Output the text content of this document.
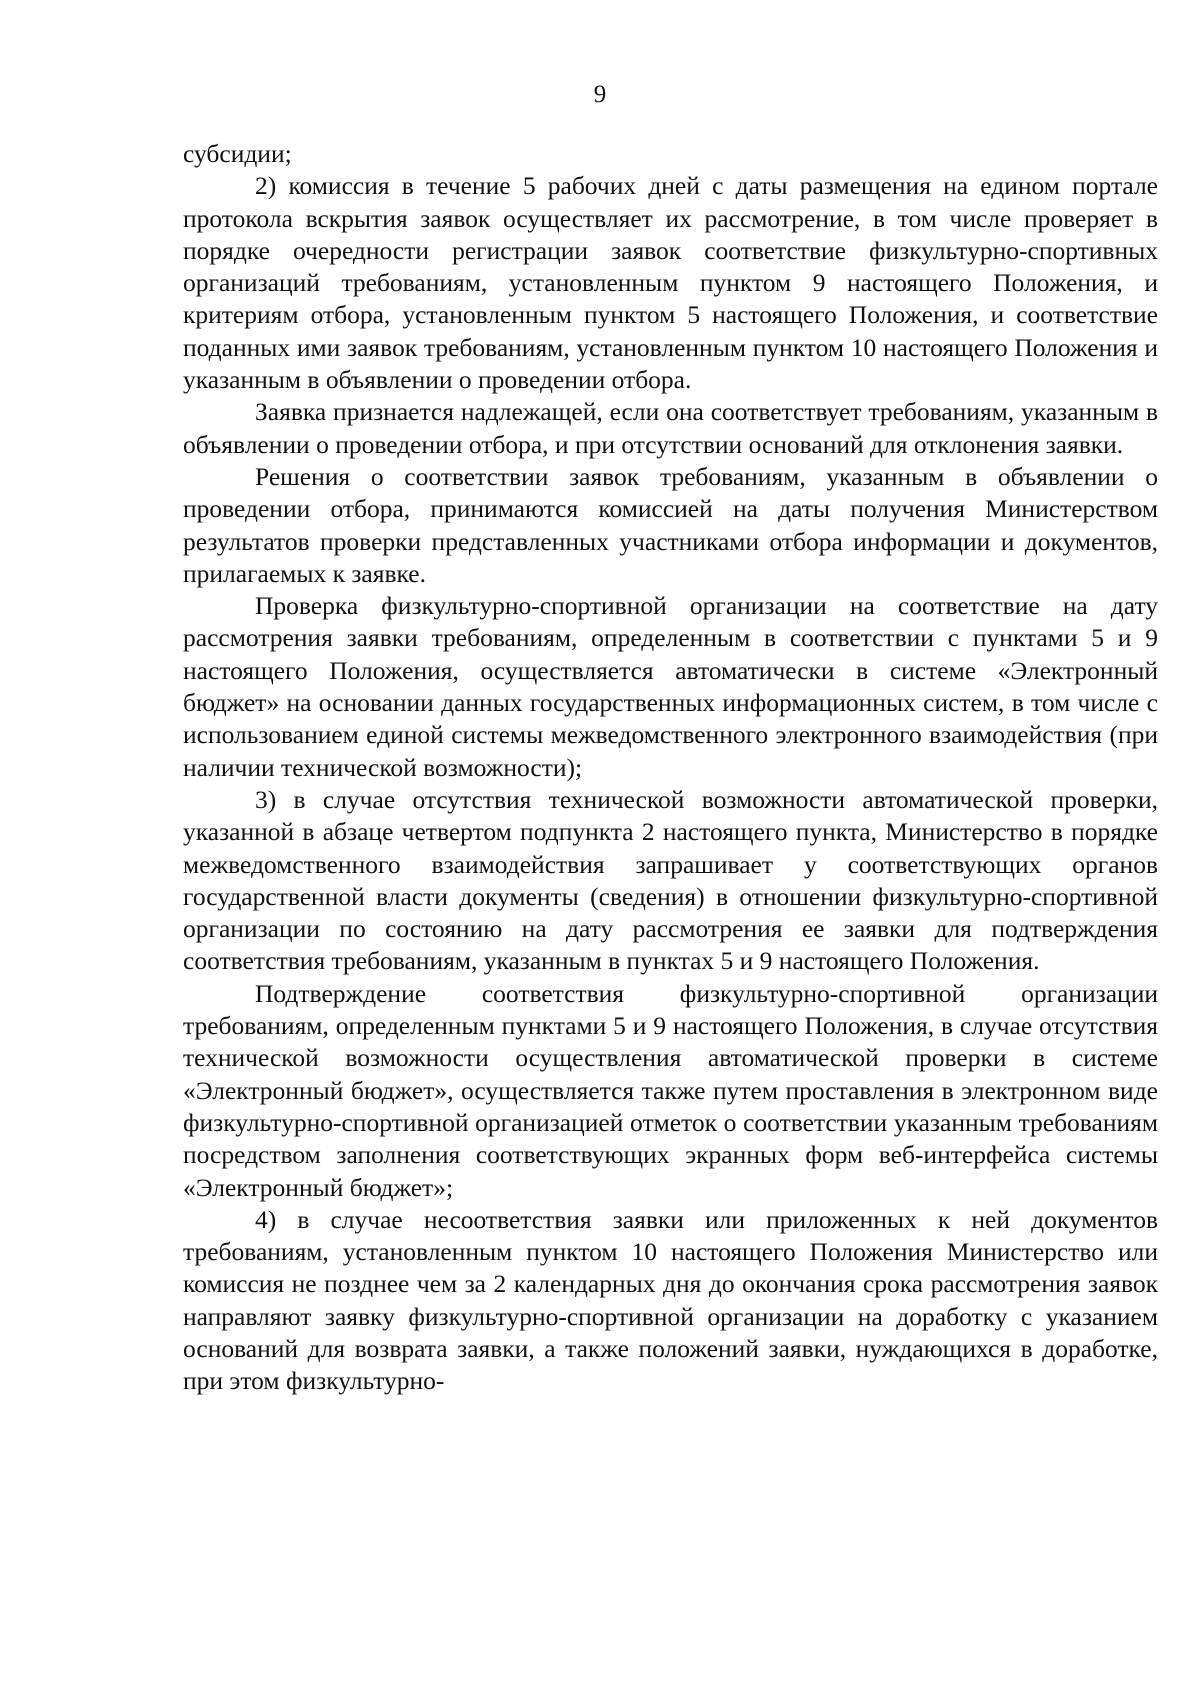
9

субсидии;

2) комиссия в течение 5 рабочих дней с даты размещения на едином портале протокола вскрытия заявок осуществляет их рассмотрение, в том числе проверяет в порядке очередности регистрации заявок соответствие физкультурно-спортивных организаций требованиям, установленным пунктом 9 настоящего Положения, и критериям отбора, установленным пунктом 5 настоящего Положения, и соответствие поданных ими заявок требованиям, установленным пунктом 10 настоящего Положения и указанным в объявлении о проведении отбора.

Заявка признается надлежащей, если она соответствует требованиям, указанным в объявлении о проведении отбора, и при отсутствии оснований для отклонения заявки.

Решения о соответствии заявок требованиям, указанным в объявлении о проведении отбора, принимаются комиссией на даты получения Министерством результатов проверки представленных участниками отбора информации и документов, прилагаемых к заявке.

Проверка физкультурно-спортивной организации на соответствие на дату рассмотрения заявки требованиям, определенным в соответствии с пунктами 5 и 9 настоящего Положения, осуществляется автоматически в системе «Электронный бюджет» на основании данных государственных информационных систем, в том числе с использованием единой системы межведомственного электронного взаимодействия (при наличии технической возможности);

3) в случае отсутствия технической возможности автоматической проверки, указанной в абзаце четвертом подпункта 2 настоящего пункта, Министерство в порядке межведомственного взаимодействия запрашивает у соответствующих органов государственной власти документы (сведения) в отношении физкультурно-спортивной организации по состоянию на дату рассмотрения ее заявки для подтверждения соответствия требованиям, указанным в пунктах 5 и 9 настоящего Положения.

Подтверждение соответствия физкультурно-спортивной организации требованиям, определенным пунктами 5 и 9 настоящего Положения, в случае отсутствия технической возможности осуществления автоматической проверки в системе «Электронный бюджет», осуществляется также путем проставления в электронном виде физкультурно-спортивной организацией отметок о соответствии указанным требованиям посредством заполнения соответствующих экранных форм веб-интерфейса системы «Электронный бюджет»;

4) в случае несоответствия заявки или приложенных к ней документов требованиям, установленным пунктом 10 настоящего Положения Министерство или комиссия не позднее чем за 2 календарных дня до окончания срока рассмотрения заявок направляют заявку физкультурно-спортивной организации на доработку с указанием оснований для возврата заявки, а также положений заявки, нуждающихся в доработке, при этом физкультурно-
